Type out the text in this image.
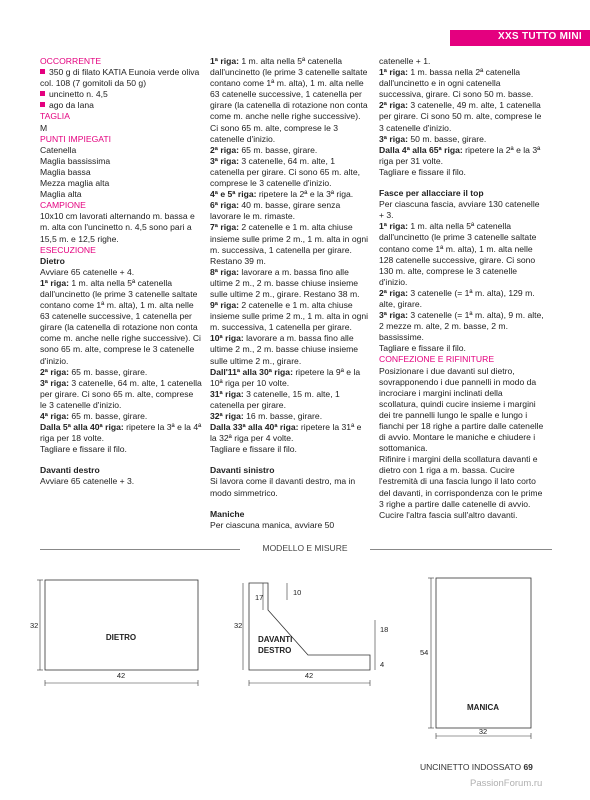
XXS TUTTO MINI
OCCORRENTE
350 g di filato KATIA Eunoia verde oliva col. 108 (7 gomitoli da 50 g)
uncinetto n. 4,5
ago da lana
TAGLIA
M
PUNTI IMPIEGATI
Catenella
Maglia bassissima
Maglia bassa
Mezza maglia alta
Maglia alta
CAMPIONE
10x10 cm lavorati alternando m. bassa e m. alta con l'uncinetto n. 4,5 sono pari a 15,5 m. e 12,5 righe.
ESECUZIONE
Dietro
Avviare 65 catenelle + 4.
1ª riga: 1 m. alta nella 5ª catenella dall'uncinetto (le prime 3 catenelle saltate contano come 1ª m. alta), 1 m. alta nelle 63 catenelle successive, 1 catenella per girare (la catenella di rotazione non conta come m. anche nelle righe successive). Ci sono 65 m. alte, comprese le 3 catenelle d'inizio.
2ª riga: 65 m. basse, girare.
3ª riga: 3 catenelle, 64 m. alte, 1 catenella per girare. Ci sono 65 m. alte, comprese le 3 catenelle d'inizio.
4ª riga: 65 m. basse, girare.
Dalla 5ª alla 40ª riga: ripetere la 3ª e la 4ª riga per 18 volte.
Tagliare e fissare il filo.
Davanti destro
Avviare 65 catenelle + 3.
1ª riga: 1 m. alta nella 5ª catenella dall'uncinetto (le prime 3 catenelle saltate contano come 1ª m. alta), 1 m. alta nelle 63 catenelle successive, 1 catenella per girare (la catenella di rotazione non conta come m. anche nelle righe successive). Ci sono 65 m. alte, comprese le 3 catenelle d'inizio.
2ª riga: 65 m. basse, girare.
3ª riga: 3 catenelle, 64 m. alte, 1 catenella per girare. Ci sono 65 m. alte, comprese le 3 catenelle d'inizio.
4ª e 5ª riga: ripetere la 2ª e la 3ª riga.
6ª riga: 40 m. basse, girare senza lavorare le m. rimaste.
7ª riga: 2 catenelle e 1 m. alta chiuse insieme sulle prime 2 m., 1 m. alta in ogni m. successiva, 1 catenella per girare. Restano 39 m.
8ª riga: lavorare a m. bassa fino alle ultime 2 m., 2 m. basse chiuse insieme sulle ultime 2 m., girare. Restano 38 m.
9ª riga: 2 catenelle e 1 m. alta chiuse insieme sulle prime 2 m., 1 m. alta in ogni m. successiva, 1 catenella per girare.
10ª riga: lavorare a m. bassa fino alle ultime 2 m., 2 m. basse chiuse insieme sulle ultime 2 m., girare.
Dall'11ª alla 30ª riga: ripetere la 9ª e la 10ª riga per 10 volte.
31ª riga: 3 catenelle, 15 m. alte, 1 catenella per girare.
32ª riga: 16 m. basse, girare.
Dalla 33ª alla 40ª riga: ripetere la 31ª e la 32ª riga per 4 volte.
Tagliare e fissare il filo.
Davanti sinistro
Si lavora come il davanti destro, ma in modo simmetrico.
Maniche
Per ciascuna manica, avviare 50
catenelle + 1.
1ª riga: 1 m. bassa nella 2ª catenella dall'uncinetto e in ogni catenella successiva, girare. Ci sono 50 m. basse.
2ª riga: 3 catenelle, 49 m. alte, 1 catenella per girare. Ci sono 50 m. alte, comprese le 3 catenelle d'inizio.
3ª riga: 50 m. basse, girare.
Dalla 4ª alla 65ª riga: ripetere la 2ª e la 3ª riga per 31 volte.
Tagliare e fissare il filo.
Fasce per allacciare il top
Per ciascuna fascia, avviare 130 catenelle + 3.
1ª riga: 1 m. alta nella 5ª catenella dall'uncinetto (le prime 3 catenelle saltate contano come 1ª m. alta), 1 m. alta nelle 128 catenelle successive, girare. Ci sono 130 m. alte, comprese le 3 catenelle d'inizio.
2ª riga: 3 catenelle (= 1ª m. alta), 129 m. alte, girare.
3ª riga: 3 catenelle (= 1ª m. alta), 9 m. alte, 2 mezze m. alte, 2 m. basse, 2 m. bassissime.
Tagliare e fissare il filo.
CONFEZIONE E RIFINITURE
Posizionare i due davanti sul dietro, sovrapponendo i due pannelli in modo da incrociare i margini inclinati della scollatura, quindi cucire insieme i margini dei tre pannelli lungo le spalle e lungo i fianchi per 18 righe a partire dalle catenelle di avvio. Montare le maniche e chiudere i sottomanica.
Rifinire i margini della scollatura davanti e dietro con 1 riga a m. bassa. Cucire l'estremità di una fascia lungo il lato corto del davanti, in corrispondenza con le prime 3 righe a partire dalle catenelle di avvio. Cucire l'altra fascia sull'altro davanti.
MODELLO E MISURE
DIETRO
32
42
DAVANTI
DESTRO
32
17
10
18
4
42
MANICA
54
32
UNCINETTO INDOSSATO 69
PassionForum.ru
